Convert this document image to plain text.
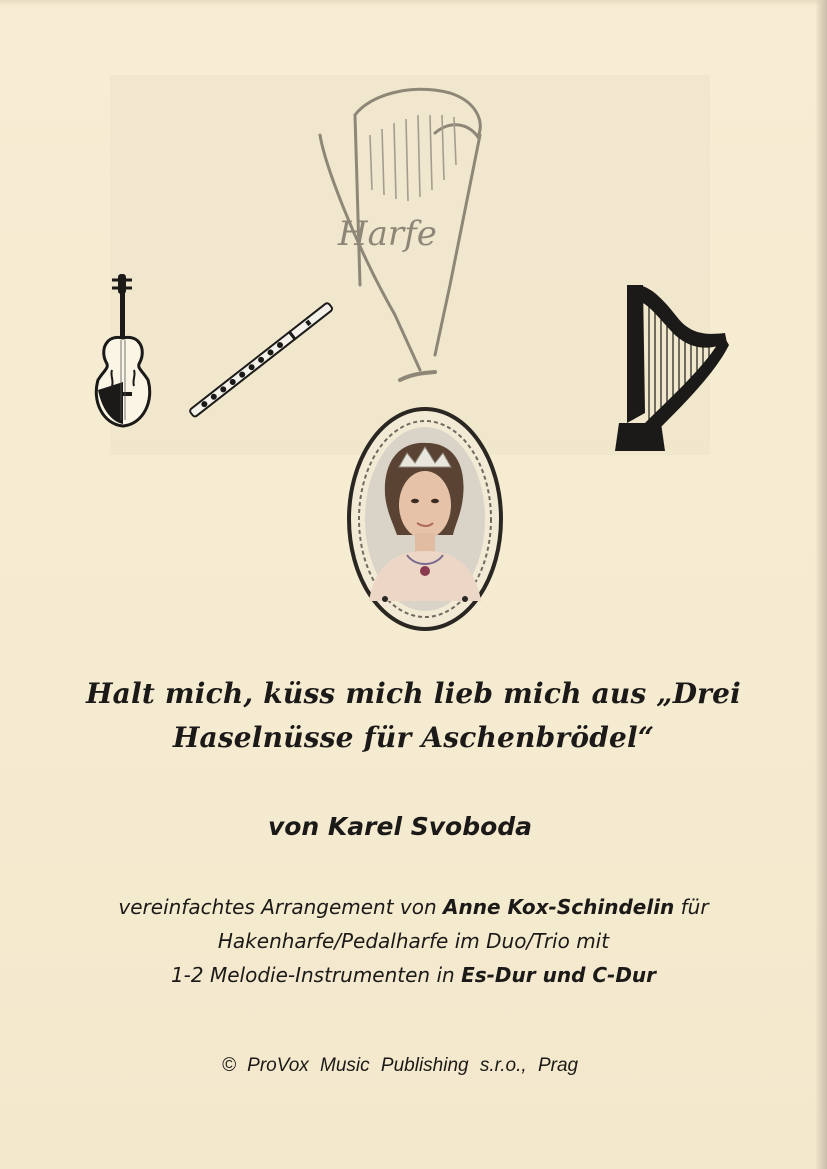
Harfe
Halt mich, küss mich lieb mich aus „Drei
Haselnüsse für Aschenbrödel“
von Karel Svoboda
vereinfachtes Arrangement von Anne Kox-Schindelin für
Hakenharfe/Pedalharfe im Duo/Trio mit
1-2 Melodie-Instrumenten in Es-Dur und C-Dur
© ProVox Music Publishing s.r.o., Prag
